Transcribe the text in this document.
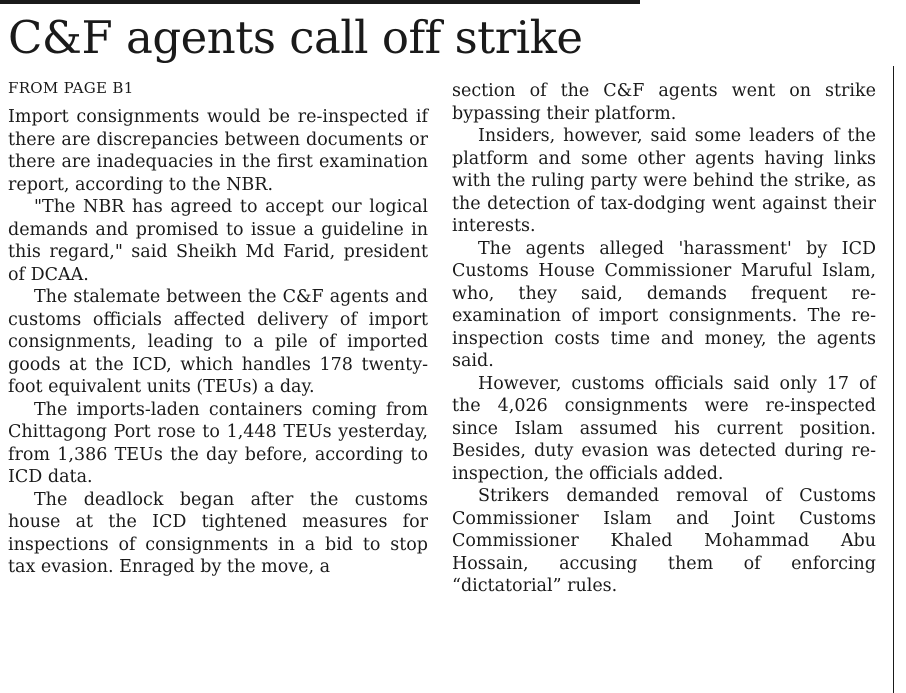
C&F agents call off strike
FROM PAGE B1

Import consignments would be re-inspected if there are discrepancies between documents or there are inadequacies in the first examination report, according to the NBR.

"The NBR has agreed to accept our logical demands and promised to issue a guideline in this regard," said Sheikh Md Farid, president of DCAA.

The stalemate between the C&F agents and customs officials affected delivery of import consignments, leading to a pile of imported goods at the ICD, which handles 178 twenty-foot equivalent units (TEUs) a day.

The imports-laden containers coming from Chittagong Port rose to 1,448 TEUs yesterday, from 1,386 TEUs the day before, according to ICD data.

The deadlock began after the customs house at the ICD tightened measures for inspections of consignments in a bid to stop tax evasion. Enraged by the move, a

section of the C&F agents went on strike bypassing their platform.

Insiders, however, said some leaders of the platform and some other agents having links with the ruling party were behind the strike, as the detection of tax-dodging went against their interests.

The agents alleged 'harassment' by ICD Customs House Commissioner Maruful Islam, who, they said, demands frequent re-examination of import consignments. The re-inspection costs time and money, the agents said.

However, customs officials said only 17 of the 4,026 consignments were re-inspected since Islam assumed his current position. Besides, duty evasion was detected during re-inspection, the officials added.

Strikers demanded removal of Customs Commissioner Islam and Joint Customs Commissioner Khaled Mohammad Abu Hossain, accusing them of enforcing “dictatorial” rules.
